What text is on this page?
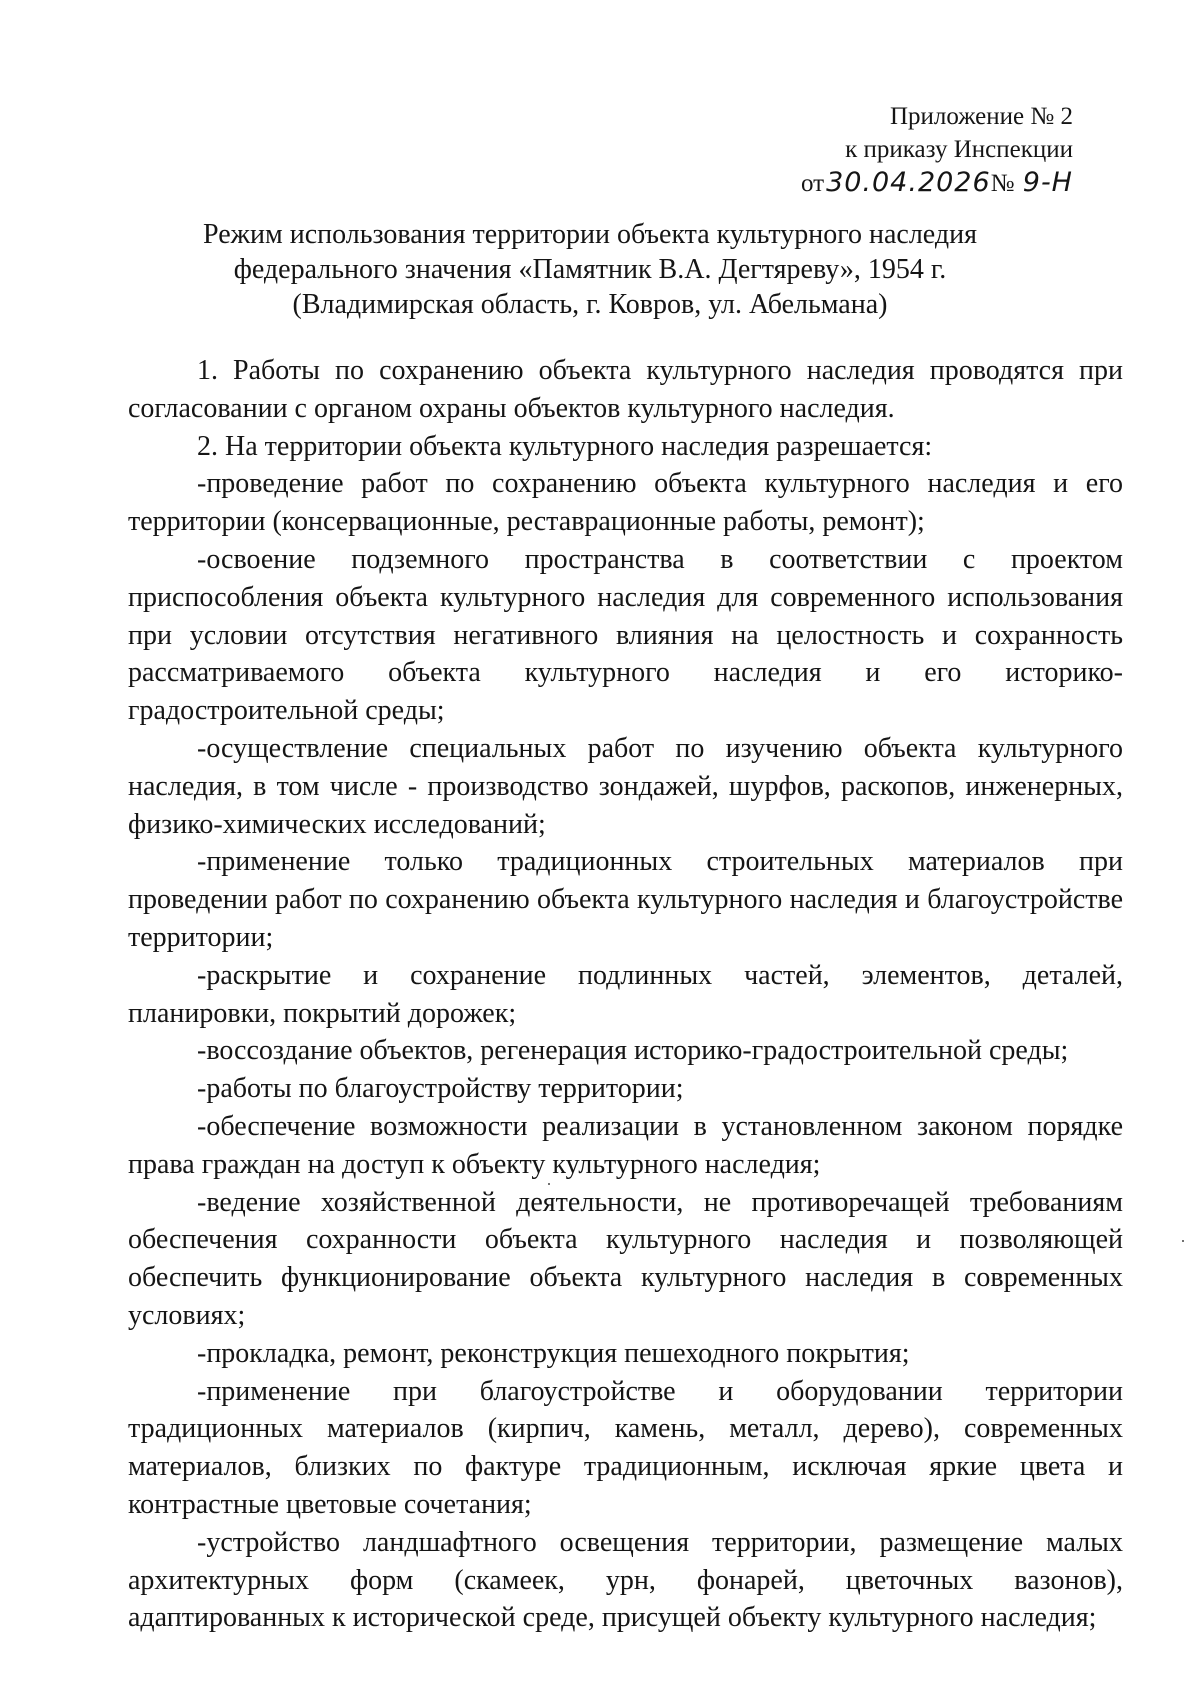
Приложение № 2
к приказу Инспекции
от30.04.2026№ 9-Н
Режим использования территории объекта культурного наследия
федерального значения «Памятник В.А. Дегтяреву», 1954 г.
(Владимирская область, г. Ковров, ул. Абельмана)

1. Работы по сохранению объекта культурного наследия проводятся при согласовании с органом охраны объектов культурного наследия.

2. На территории объекта культурного наследия разрешается:

-проведение работ по сохранению объекта культурного наследия и его территории (консервационные, реставрационные работы, ремонт);

-освоение подземного пространства в соответствии с проектом приспособления объекта культурного наследия для современного использования при условии отсутствия негативного влияния на целостность и сохранность рассматриваемого объекта культурного наследия и его историко-градостроительной среды;

-осуществление специальных работ по изучению объекта культурного наследия, в том числе - производство зондажей, шурфов, раскопов, инженерных, физико-химических исследований;

-применение только традиционных строительных материалов при проведении работ по сохранению объекта культурного наследия и благоустройстве территории;

-раскрытие и сохранение подлинных частей, элементов, деталей, планировки, покрытий дорожек;

-воссоздание объектов, регенерация историко-градостроительной среды;

-работы по благоустройству территории;

-обеспечение возможности реализации в установленном законом порядке права граждан на доступ к объекту культурного наследия;

-ведение хозяйственной деятельности, не противоречащей требованиям обеспечения сохранности объекта культурного наследия и позволяющей обеспечить функционирование объекта культурного наследия в современных условиях;

-прокладка, ремонт, реконструкция пешеходного покрытия;

-применение при благоустройстве и оборудовании территории традиционных материалов (кирпич, камень, металл, дерево), современных материалов, близких по фактуре традиционным, исключая яркие цвета и контрастные цветовые сочетания;

-устройство ландшафтного освещения территории, размещение малых архитектурных форм (скамеек, урн, фонарей, цветочных вазонов), адаптированных к исторической среде, присущей объекту культурного наследия;
